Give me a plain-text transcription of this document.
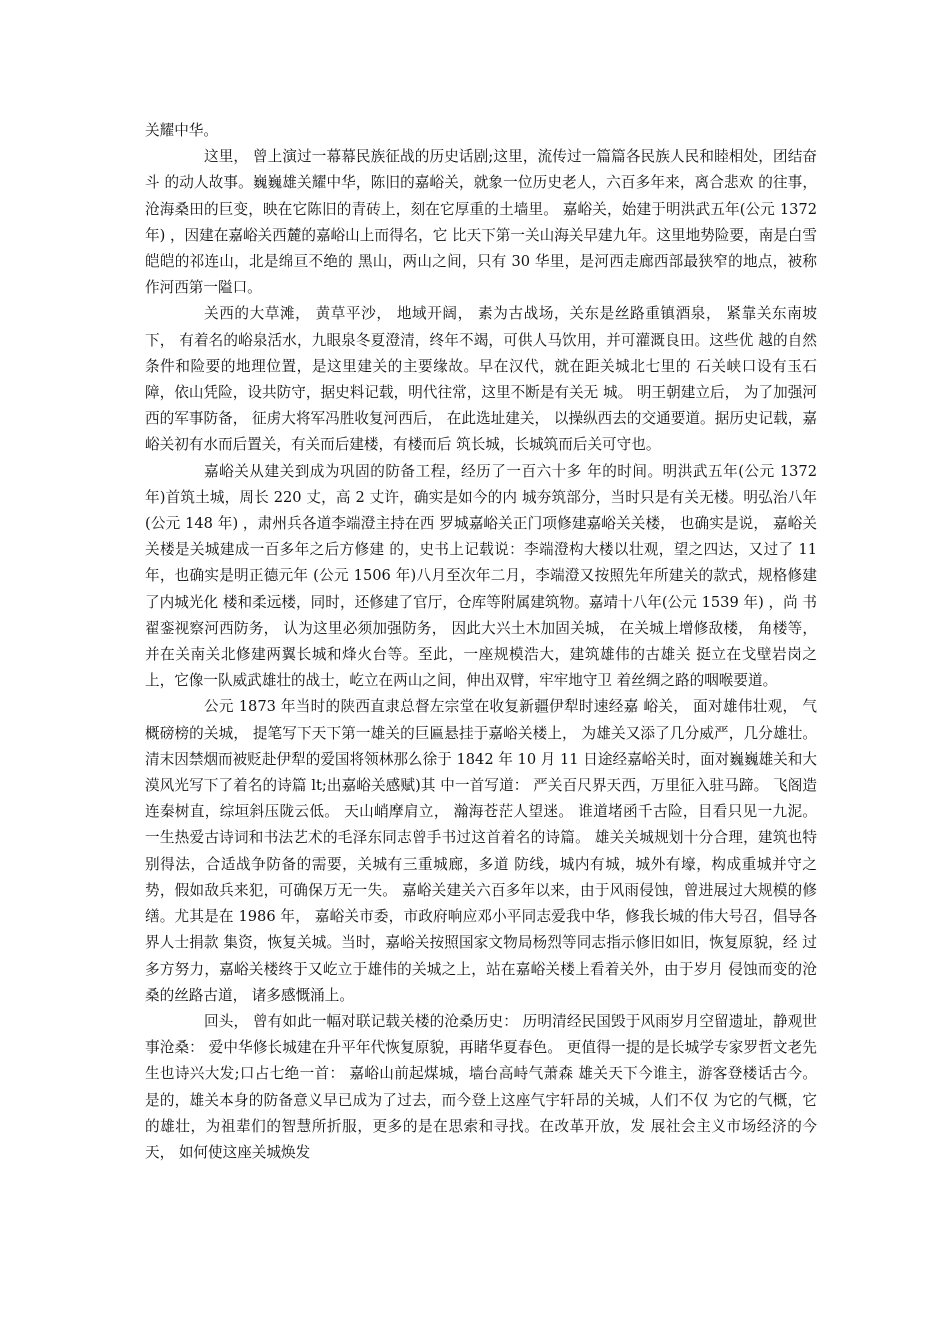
关耀中华。

这里， 曾上演过一幕幕民族征战的历史话剧;这里，流传过一篇篇各民族人民和睦相处，团结奋斗 的动人故事。巍巍雄关耀中华，陈旧的嘉峪关，就象一位历史老人，六百多年来，离合悲欢 的往事，沧海桑田的巨变，映在它陈旧的青砖上，刻在它厚重的土墙里。 嘉峪关，始建于明洪武五年(公元 1372 年) ，因建在嘉峪关西麓的嘉峪山上而得名，它 比天下第一关山海关早建九年。这里地势险要，南是白雪皑皑的祁连山，北是绵亘不绝的 黑山，两山之间，只有 30 华里，是河西走廊西部最狭窄的地点，被称作河西第一隘口。

关西的大草滩， 黄草平沙， 地域开阔， 素为古战场，关东是丝路重镇酒泉， 紧靠关东南坡下， 有着名的峪泉活水，九眼泉冬夏澄清，终年不竭，可供人马饮用，并可灌溉良田。这些优 越的自然条件和险要的地理位置，是这里建关的主要缘故。早在汉代，就在距关城北七里的 石关峡口设有玉石障，依山凭险，设共防守，据史料记载，明代往常，这里不断是有关无 城。 明王朝建立后， 为了加强河西的军事防备， 征虏大将军冯胜收复河西后， 在此选址建关， 以操纵西去的交通要道。据历史记载，嘉峪关初有水而后置关，有关而后建楼，有楼而后 筑长城，长城筑而后关可守也。

嘉峪关从建关到成为巩固的防备工程，经历了一百六十多 年的时间。明洪武五年(公元 1372 年)首筑土城，周长 220 丈，高 2 丈许，确实是如今的内 城夯筑部分，当时只是有关无楼。明弘治八年(公元 148 年) ，肃州兵各道李端澄主持在西 罗城嘉峪关正门项修建嘉峪关关楼， 也确实是说， 嘉峪关关楼是关城建成一百多年之后方修建 的，史书上记载说：李端澄构大楼以壮观，望之四达，又过了 11 年，也确实是明正德元年 (公元 1506 年)八月至次年二月，李端澄又按照先年所建关的款式，规格修建了内城光化 楼和柔远楼，同时，还修建了官厅，仓库等附属建筑物。嘉靖十八年(公元 1539 年) ，尚 书翟銮视察河西防务， 认为这里必须加强防务， 因此大兴土木加固关城， 在关城上增修敌楼， 角楼等，并在关南关北修建两翼长城和烽火台等。至此，一座规模浩大，建筑雄伟的古雄关 挺立在戈壁岩岗之上，它像一队威武雄壮的战士，屹立在两山之间，伸出双臂，牢牢地守卫 着丝绸之路的咽喉要道。

公元 1873 年当时的陕西直隶总督左宗堂在收复新疆伊犁时速经嘉 峪关， 面对雄伟壮观， 气概磅榜的关城， 提笔写下天下第一雄关的巨匾悬挂于嘉峪关楼上， 为雄关又添了几分威严，几分雄壮。清末因禁烟而被贬赴伊犁的爱国将领林那么徐于 1842 年 10 月 11 日途经嘉峪关时，面对巍巍雄关和大漠风光写下了着名的诗篇 lt;出嘉峪关感赋)其 中一首写道： 严关百尺界天西，万里征入驻马蹄。 飞阁造连秦树直，综垣斜压陇云低。 天山峭摩肩立， 瀚海苍茫人望迷。 谁道堵函千古险，目看只见一九泥。 一生热爱古诗词和书法艺术的毛泽东同志曾手书过这首着名的诗篇。 雄关关城规划十分合理，建筑也特别得法，合适战争防备的需要，关城有三重城廊，多道 防线，城内有城，城外有壕，构成重城并守之势，假如敌兵来犯，可确保万无一失。 嘉峪关建关六百多年以来，由于风雨侵蚀，曾进展过大规模的修缮。尤其是在 1986 年， 嘉峪关市委，市政府响应邓小平同志爱我中华，修我长城的伟大号召，倡导各界人士捐款 集资，恢复关城。当时，嘉峪关按照国家文物局杨烈等同志指示修旧如旧，恢复原貌，经 过多方努力，嘉峪关楼终于又屹立于雄伟的关城之上，站在嘉峪关楼上看着关外，由于岁月 侵蚀而变的沧桑的丝路古道， 诸多感慨涌上。

回头， 曾有如此一幅对联记载关楼的沧桑历史： 历明清经民国毁于风雨岁月空留遗址，静观世事沧桑： 爱中华修长城建在升平年代恢复原貌，再睹华夏春色。 更值得一提的是长城学专家罗哲文老先生也诗兴大发;口占七绝一首： 嘉峪山前起煤城，墙台高峙气萧森 雄关天下今谁主，游客登楼话古今。 是的，雄关本身的防备意义早已成为了过去，而今登上这座气宇轩昂的关城，人们不仅 为它的气概，它的雄壮，为祖辈们的智慧所折服，更多的是在思索和寻找。在改革开放，发 展社会主义市场经济的今天， 如何使这座关城焕发
